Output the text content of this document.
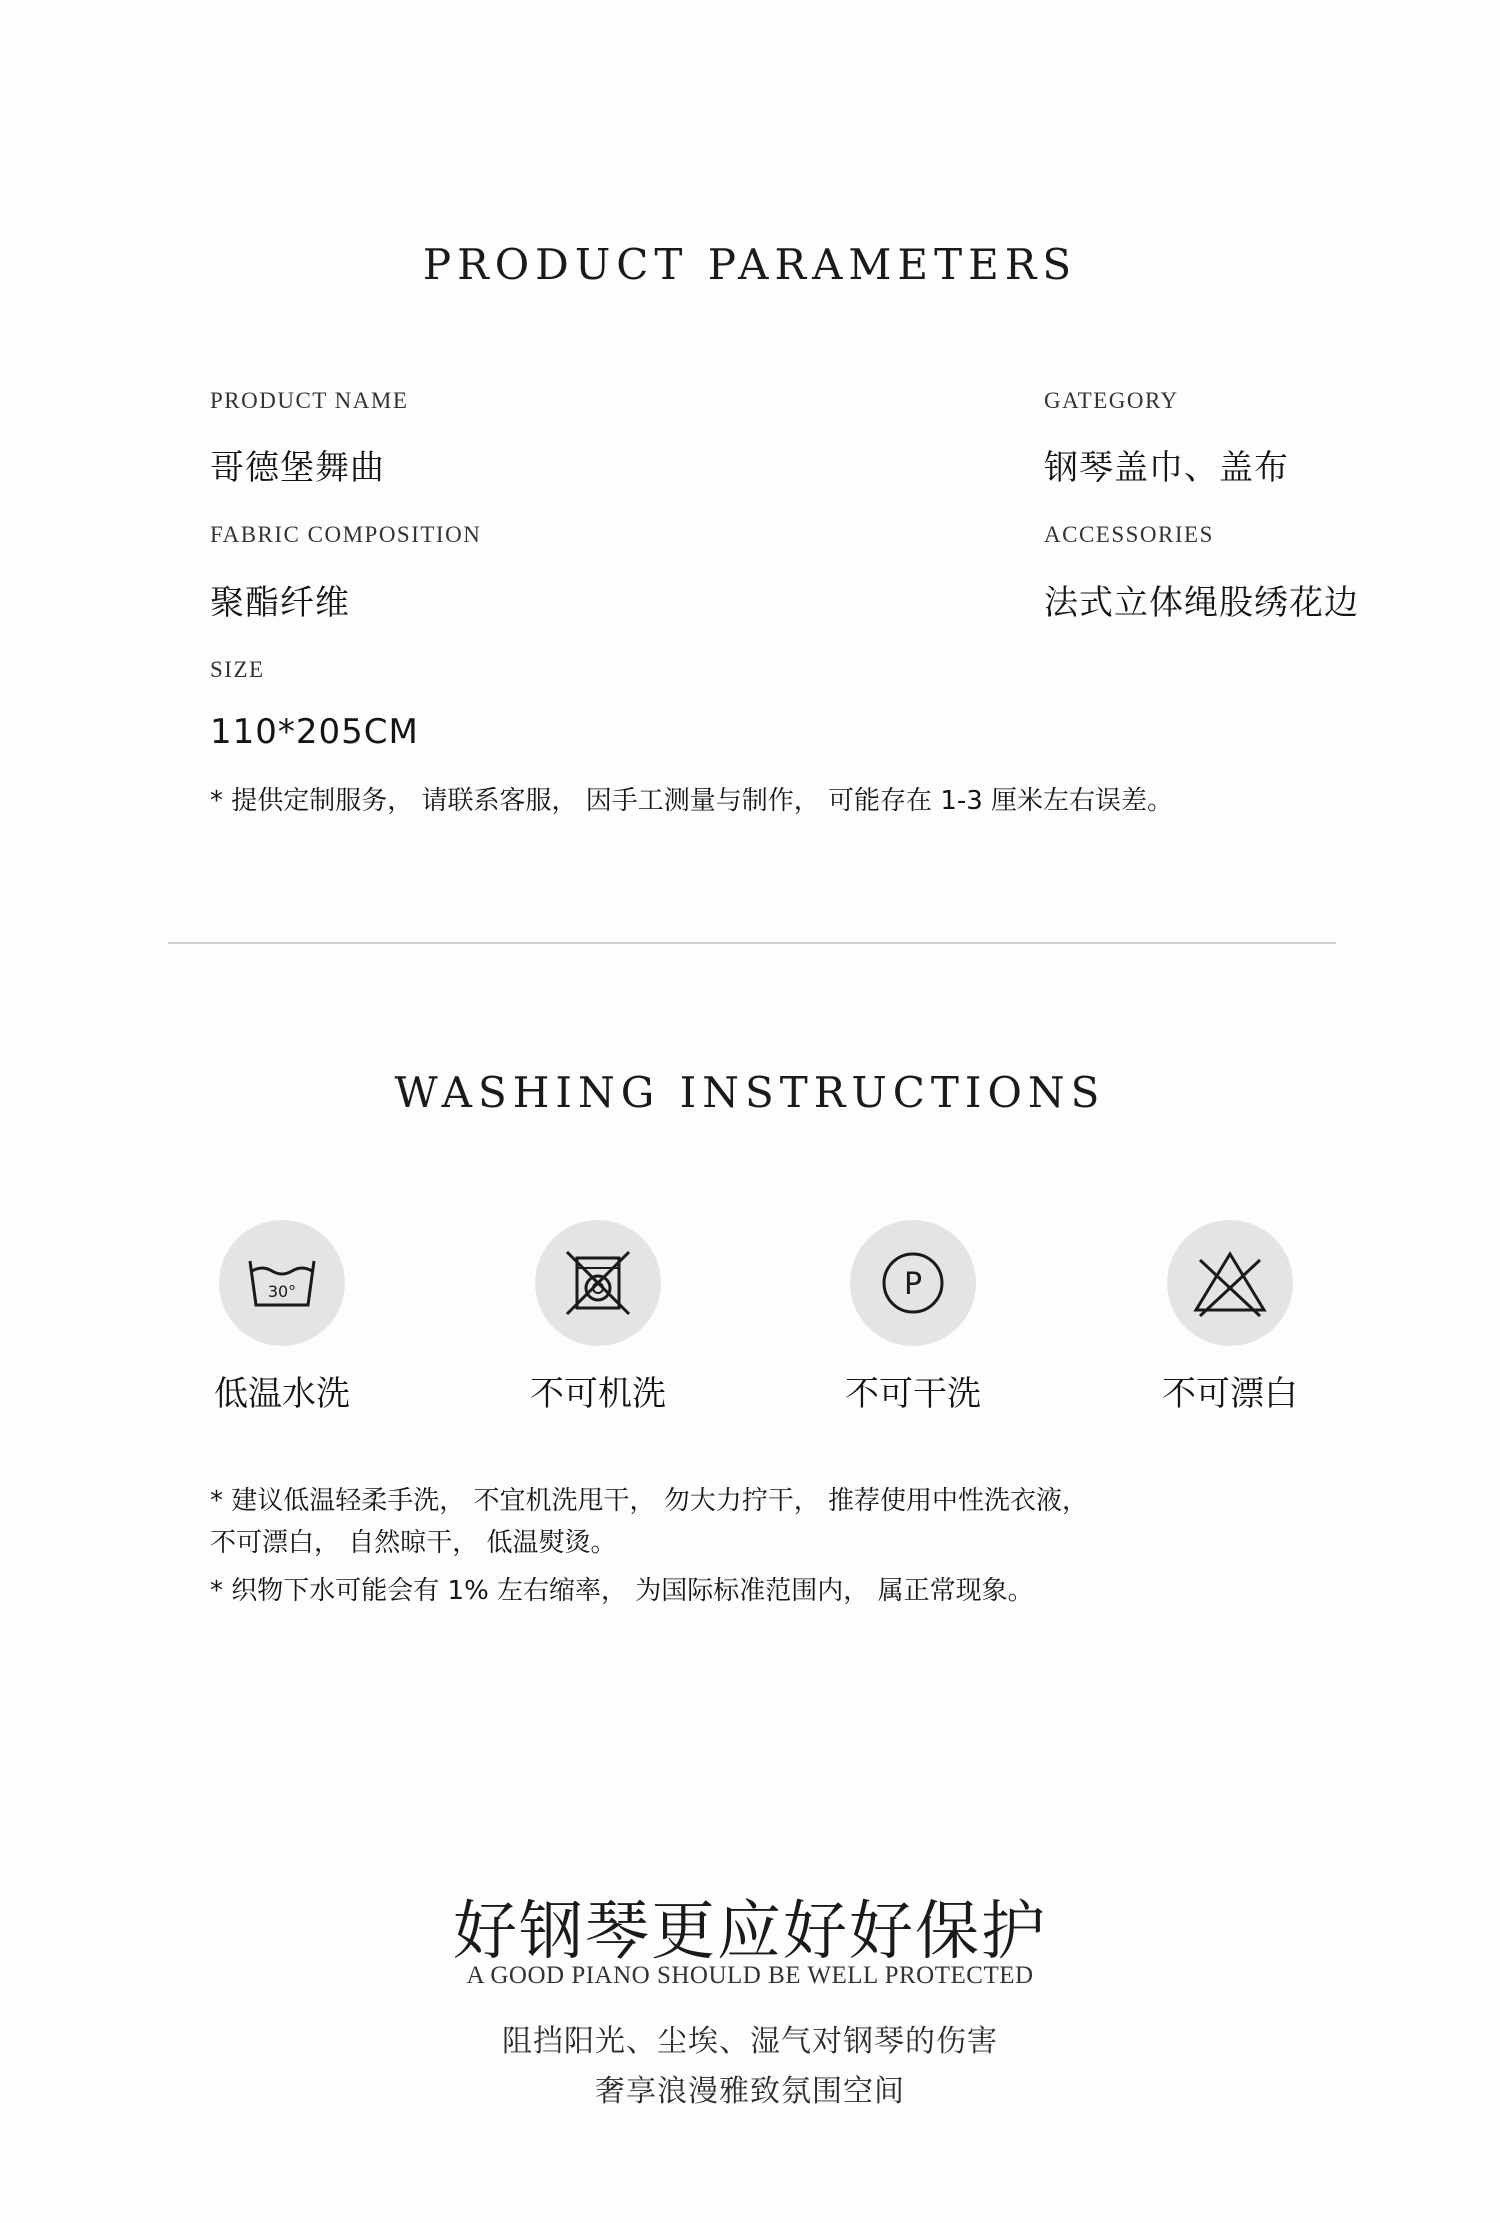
PRODUCT PARAMETERS
PRODUCT NAME
哥德堡舞曲
GATEGORY
钢琴盖巾、盖布
FABRIC COMPOSITION
聚酯纤维
ACCESSORIES
法式立体绳股绣花边
SIZE
110*205CM
* 提供定制服务， 请联系客服， 因手工测量与制作， 可能存在 1-3 厘米左右误差。
WASHING INSTRUCTIONS
30°
低温水洗	不可机洗
P
不可干洗	不可漂白
* 建议低温轻柔手洗， 不宜机洗甩干， 勿大力拧干， 推荐使用中性洗衣液，
不可漂白， 自然晾干， 低温熨烫。
* 织物下水可能会有 1% 左右缩率， 为国际标准范围内， 属正常现象。
好钢琴更应好好保护
A GOOD PIANO SHOULD BE WELL PROTECTED
阻挡阳光、尘埃、湿气对钢琴的伤害
奢享浪漫雅致氛围空间
